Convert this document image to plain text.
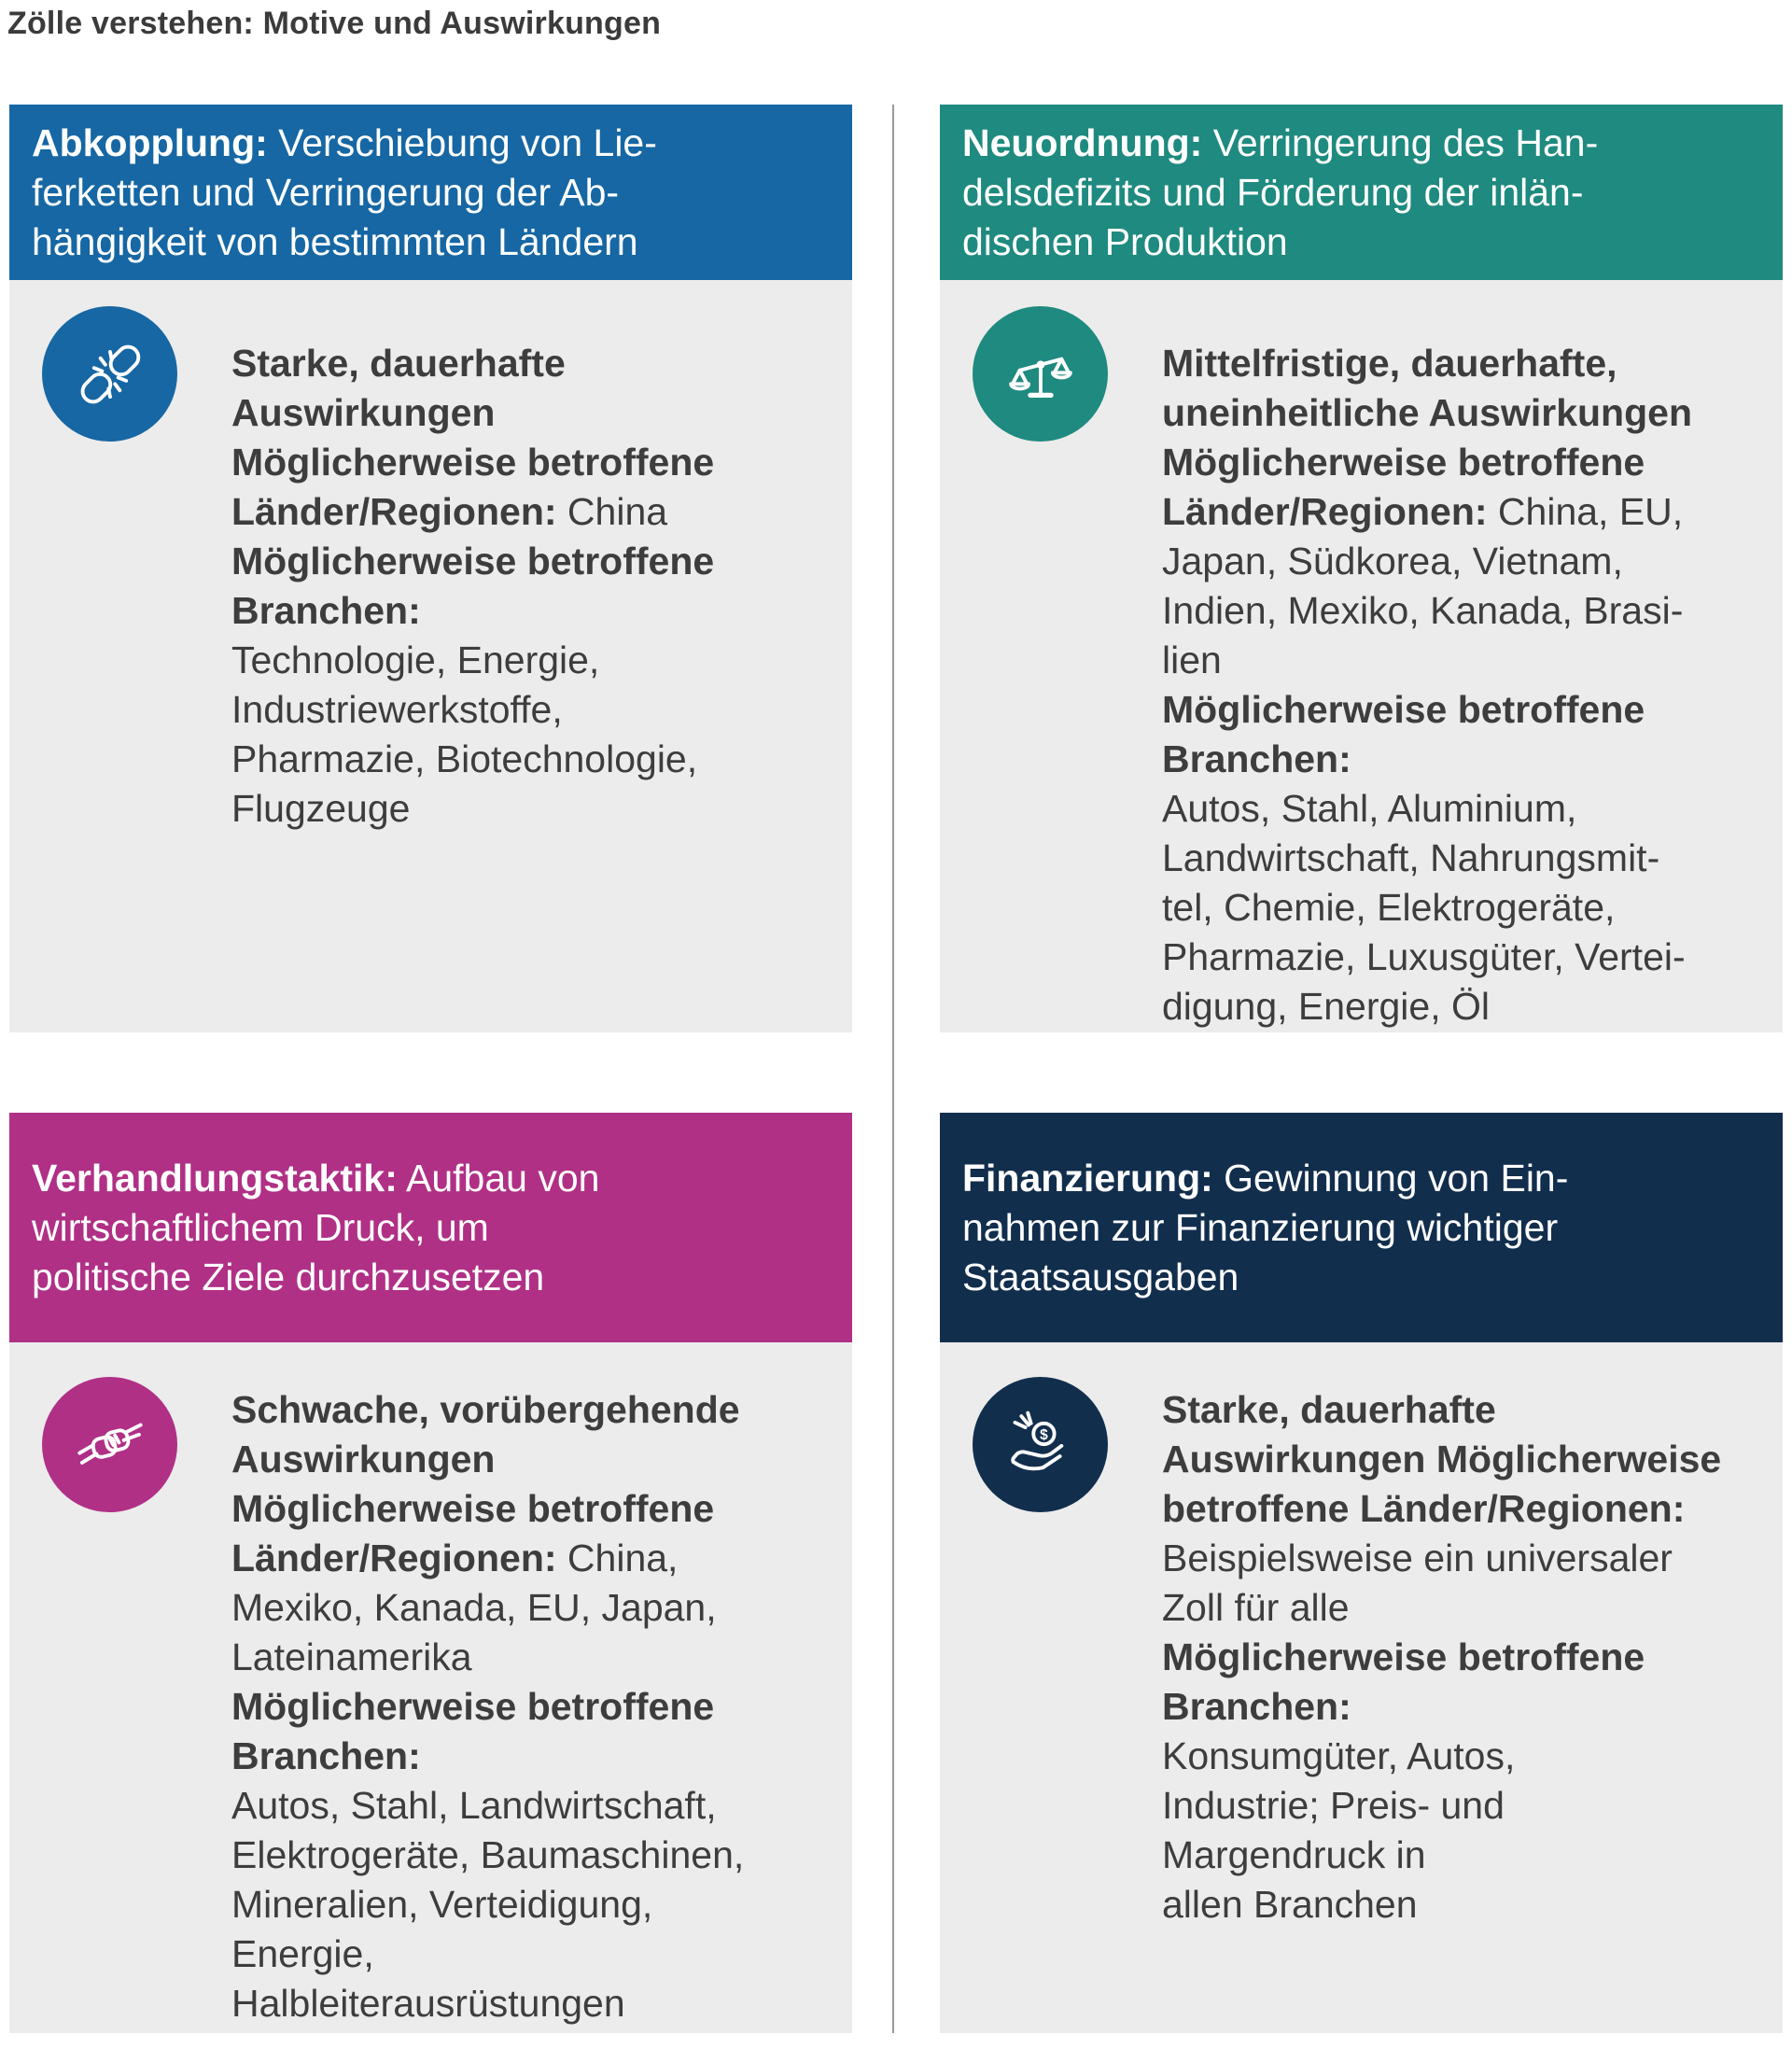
Zölle verstehen: Motive und Auswirkungen
Abkopplung: Verschiebung von Lie-
ferketten und Verringerung der Ab-
hängigkeit von bestimmten Ländern
Starke, dauerhafte
Auswirkungen
Möglicherweise betroffene
Länder/Regionen: China
Möglicherweise betroffene
Branchen:
Technologie, Energie,
Industriewerkstoffe,
Pharmazie, Biotechnologie,
Flugzeuge
Neuordnung: Verringerung des Han-
delsdefizits und Förderung der inlän-
dischen Produktion
Mittelfristige, dauerhafte,
uneinheitliche Auswirkungen
Möglicherweise betroffene
Länder/Regionen: China, EU,
Japan, Südkorea, Vietnam,
Indien, Mexiko, Kanada, Brasi-
lien
Möglicherweise betroffene
Branchen:
Autos, Stahl, Aluminium,
Landwirtschaft, Nahrungsmit-
tel, Chemie, Elektrogeräte,
Pharmazie, Luxusgüter, Vertei-
digung, Energie, Öl
Verhandlungstaktik: Aufbau von
wirtschaftlichem Druck, um
politische Ziele durchzusetzen
Schwache, vorübergehende
Auswirkungen
Möglicherweise betroffene
Länder/Regionen: China,
Mexiko, Kanada, EU, Japan,
Lateinamerika
Möglicherweise betroffene
Branchen:
Autos, Stahl, Landwirtschaft,
Elektrogeräte, Baumaschinen,
Mineralien, Verteidigung,
Energie,
Halbleiterausrüstungen
Finanzierung: Gewinnung von Ein-
nahmen zur Finanzierung wichtiger
Staatsausgaben
$
Starke, dauerhafte
Auswirkungen Möglicherweise
betroffene Länder/Regionen:
Beispielsweise ein universaler
Zoll für alle
Möglicherweise betroffene
Branchen:
Konsumgüter, Autos,
Industrie; Preis- und
Margendruck in
allen Branchen
